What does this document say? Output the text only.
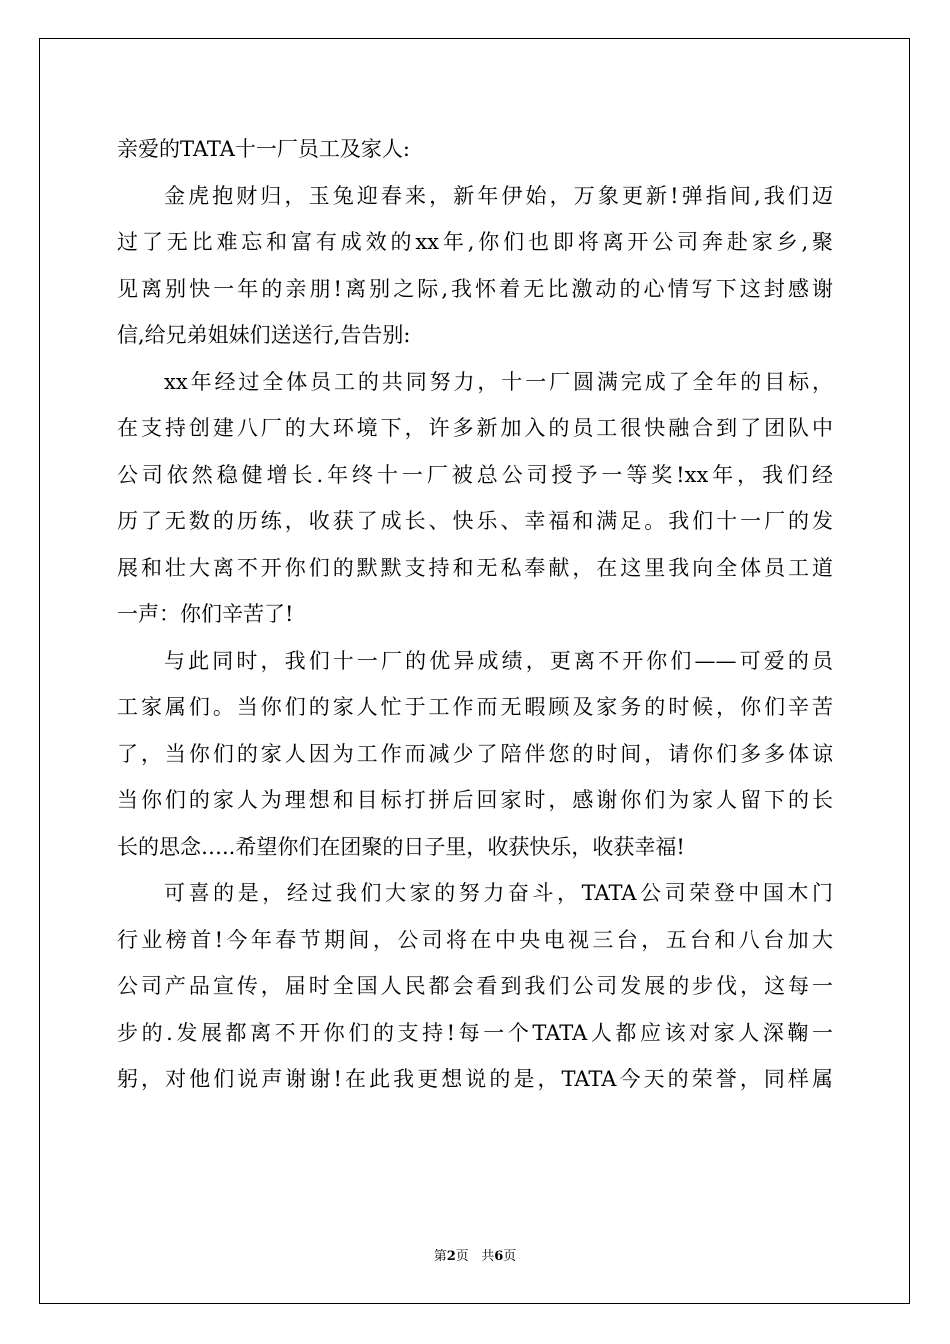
亲爱的TATA十一厂员工及家人:
金虎抱财归，玉兔迎春来，新年伊始，万象更新!弹指间,我们迈
过了无比难忘和富有成效的xx年,你们也即将离开公司奔赴家乡,聚
见离别快一年的亲朋!离别之际,我怀着无比激动的心情写下这封感谢
信,给兄弟姐妹们送送行,告告别:
xx年经过全体员工的共同努力，十一厂圆满完成了全年的目标，
在支持创建八厂的大环境下，许多新加入的员工很快融合到了团队中
公司依然稳健增长.年终十一厂被总公司授予一等奖!xx年，我们经
历了无数的历练，收获了成长、快乐、幸福和满足。我们十一厂的发
展和壮大离不开你们的默默支持和无私奉献，在这里我向全体员工道
一声：你们辛苦了!
与此同时，我们十一厂的优异成绩，更离不开你们——可爱的员
工家属们。当你们的家人忙于工作而无暇顾及家务的时候，你们辛苦
了，当你们的家人因为工作而减少了陪伴您的时间，请你们多多体谅
当你们的家人为理想和目标打拼后回家时，感谢你们为家人留下的长
长的思念…..希望你们在团聚的日子里，收获快乐，收获幸福!
可喜的是，经过我们大家的努力奋斗，TATA公司荣登中国木门
行业榜首!今年春节期间，公司将在中央电视三台，五台和八台加大
公司产品宣传，届时全国人民都会看到我们公司发展的步伐，这每一
步的.发展都离不开你们的支持!每一个TATA人都应该对家人深鞠一
躬，对他们说声谢谢!在此我更想说的是，TATA今天的荣誉，同样属
第2页 共6页
